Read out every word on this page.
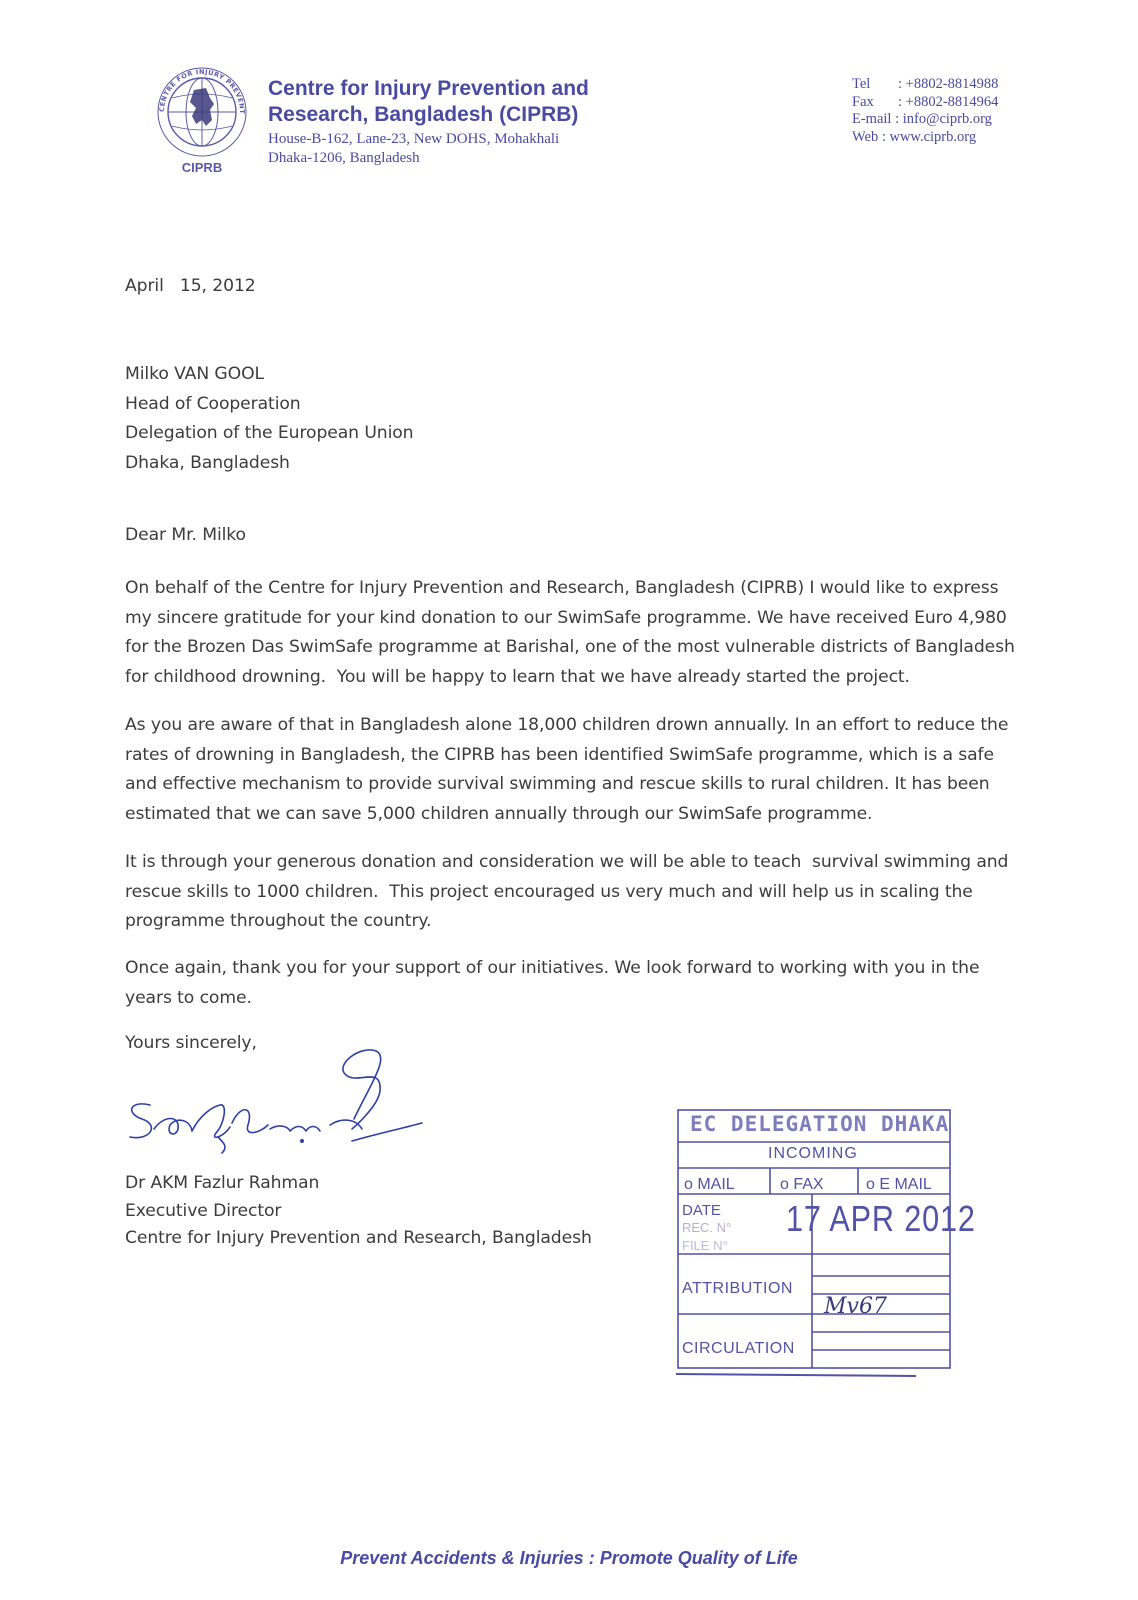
CENTRE FOR INJURY PREVENT
CIPRB
Centre for Injury Prevention and
Research, Bangladesh (CIPRB)
House-B-162, Lane-23, New DOHS, Mohakhali
Dhaka-1206, Bangladesh
Tel : +8802-8814988
Fax : +8802-8814964
E-mail : info@ciprb.org
Web : www.ciprb.org
April   15, 2012
Milko VAN GOOL
Head of Cooperation
Delegation of the European Union
Dhaka, Bangladesh
Dear Mr. Milko
On behalf of the Centre for Injury Prevention and Research, Bangladesh (CIPRB) I would like to express
my sincere gratitude for your kind donation to our SwimSafe programme. We have received Euro 4,980
for the Brozen Das SwimSafe programme at Barishal, one of the most vulnerable districts of Bangladesh
for childhood drowning.  You will be happy to learn that we have already started the project.
As you are aware of that in Bangladesh alone 18,000 children drown annually. In an effort to reduce the
rates of drowning in Bangladesh, the CIPRB has been identified SwimSafe programme, which is a safe
and effective mechanism to provide survival swimming and rescue skills to rural children. It has been
estimated that we can save 5,000 children annually through our SwimSafe programme.
It is through your generous donation and consideration we will be able to teach  survival swimming and
rescue skills to 1000 children.  This project encouraged us very much and will help us in scaling the
programme throughout the country.
Once again, thank you for your support of our initiatives. We look forward to working with you in the
years to come.
Yours sincerely,
Dr AKM Fazlur Rahman
Executive Director
Centre for Injury Prevention and Research, Bangladesh
EC DELEGATION DHAKA
INCOMING
o MAIL	o FAX	o E MAIL
DATE 17 APR 2012
REC. N°
FILE N°
ATTRIBUTION
Mv67
CIRCULATION
Prevent Accidents & Injuries : Promote Quality of Life
